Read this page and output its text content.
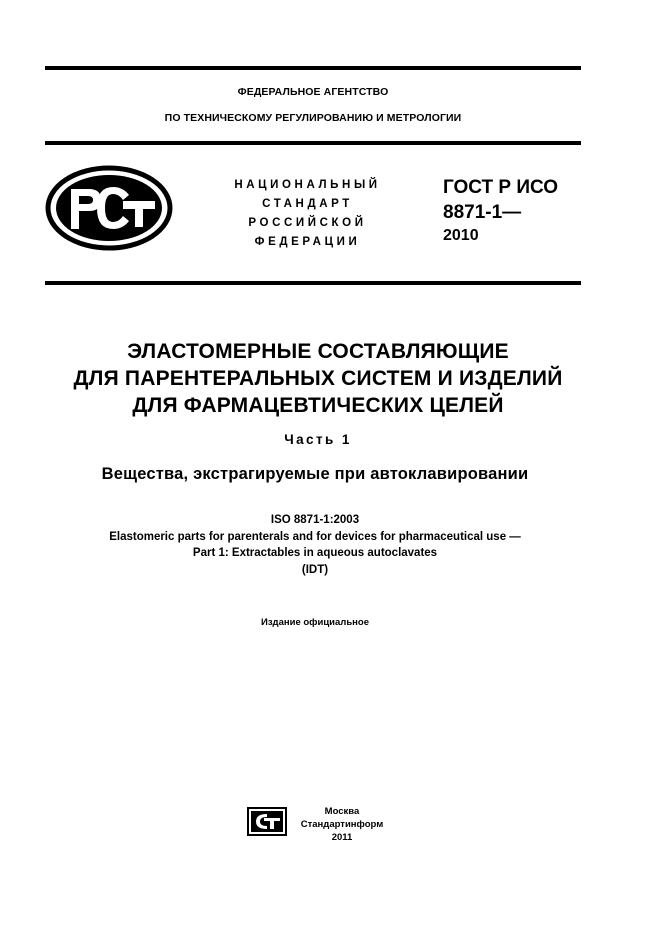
ФЕДЕРАЛЬНОЕ АГЕНТСТВО
ПО ТЕХНИЧЕСКОМУ РЕГУЛИРОВАНИЮ И МЕТРОЛОГИИ
НАЦИОНАЛЬНЫЙ
СТАНДАРТ
РОССИЙСКОЙ
ФЕДЕРАЦИИ
ГОСТ Р ИСО
8871-1—
2010
ЭЛАСТОМЕРНЫЕ СОСТАВЛЯЮЩИЕ
ДЛЯ ПАРЕНТЕРАЛЬНЫХ СИСТЕМ И ИЗДЕЛИЙ
ДЛЯ ФАРМАЦЕВТИЧЕСКИХ ЦЕЛЕЙ
Часть 1
Вещества, экстрагируемые при автоклавировании
ISO 8871-1:2003
Elastomeric parts for parenterals and for devices for pharmaceutical use —
Part 1: Extractables in aqueous autoclavates
(IDT)
Издание официальное
Москва
Стандартинформ
2011
